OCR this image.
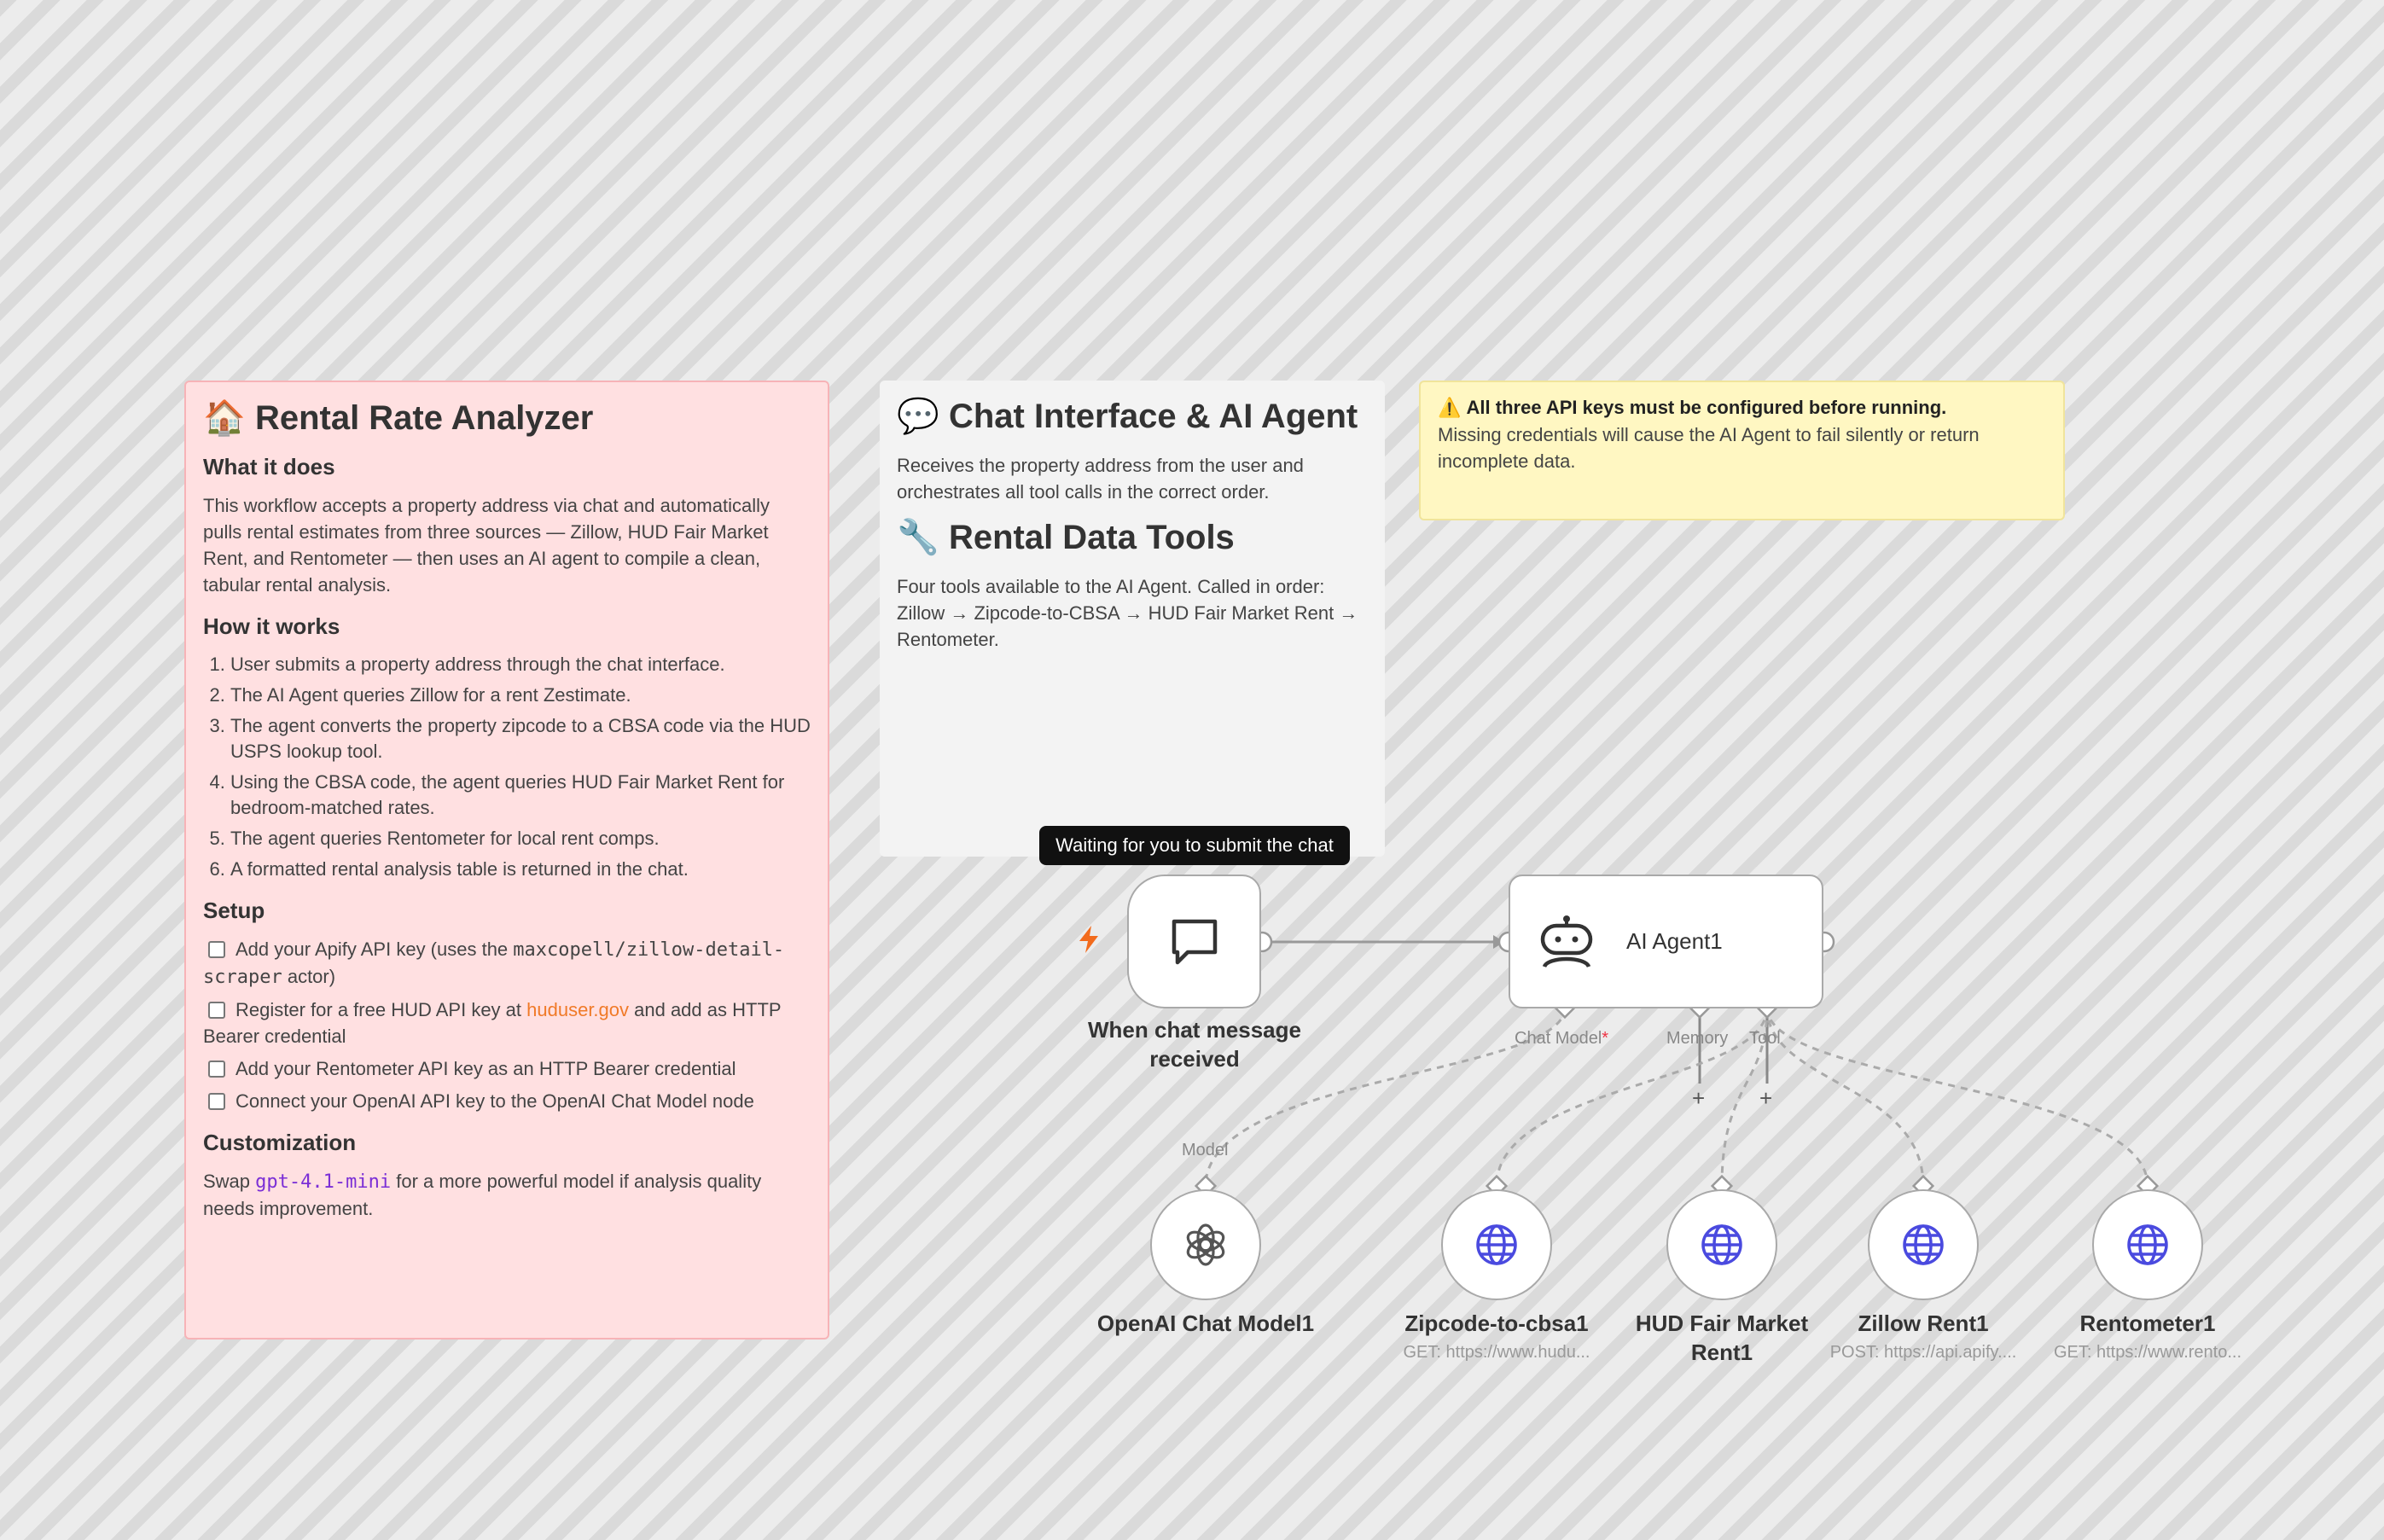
🏠 Rental Rate Analyzer
What it does

This workflow accepts a property address via chat and automatically pulls rental estimates from three sources — Zillow, HUD Fair Market Rent, and Rentometer — then uses an AI agent to compile a clean, tabular rental analysis.

How it works
1. User submits a property address through the chat interface.
2. The AI Agent queries Zillow for a rent Zestimate.
3. The agent converts the property zipcode to a CBSA code via the HUD USPS lookup tool.
4. Using the CBSA code, the agent queries HUD Fair Market Rent for bedroom-matched rates.
5. The agent queries Rentometer for local rent comps.
6. A formatted rental analysis table is returned in the chat.
Setup
Add your Apify API key (uses the maxcopell/zillow-detail-scraper actor)
Register for a free HUD API key at huduser.gov and add as HTTP Bearer credential
Add your Rentometer API key as an HTTP Bearer credential
Connect your OpenAI API key to the OpenAI Chat Model node
Customization

Swap gpt-4.1-mini for a more powerful model if analysis quality needs improvement.

💬 Chat Interface & AI Agent

Receives the property address from the user and orchestrates all tool calls in the correct order.

🔧 Rental Data Tools

Four tools available to the AI Agent. Called in order: Zillow → Zipcode-to-CBSA → HUD Fair Market Rent → Rentometer.

⚠️ All three API keys must be configured before running.
Missing credentials will cause the AI Agent to fail silently or return incomplete data.
Waiting for you to submit the chat
When chat message received
AI Agent1
Chat Model*	Memory Tool
+ +
Model
OpenAI Chat Model1	Zipcode-to-cbsa1
GET: https://www.hudu...
HUD Fair Market Rent1
Zillow Rent1
POST: https://api.apify....
Rentometer1
GET: https://www.rento...
